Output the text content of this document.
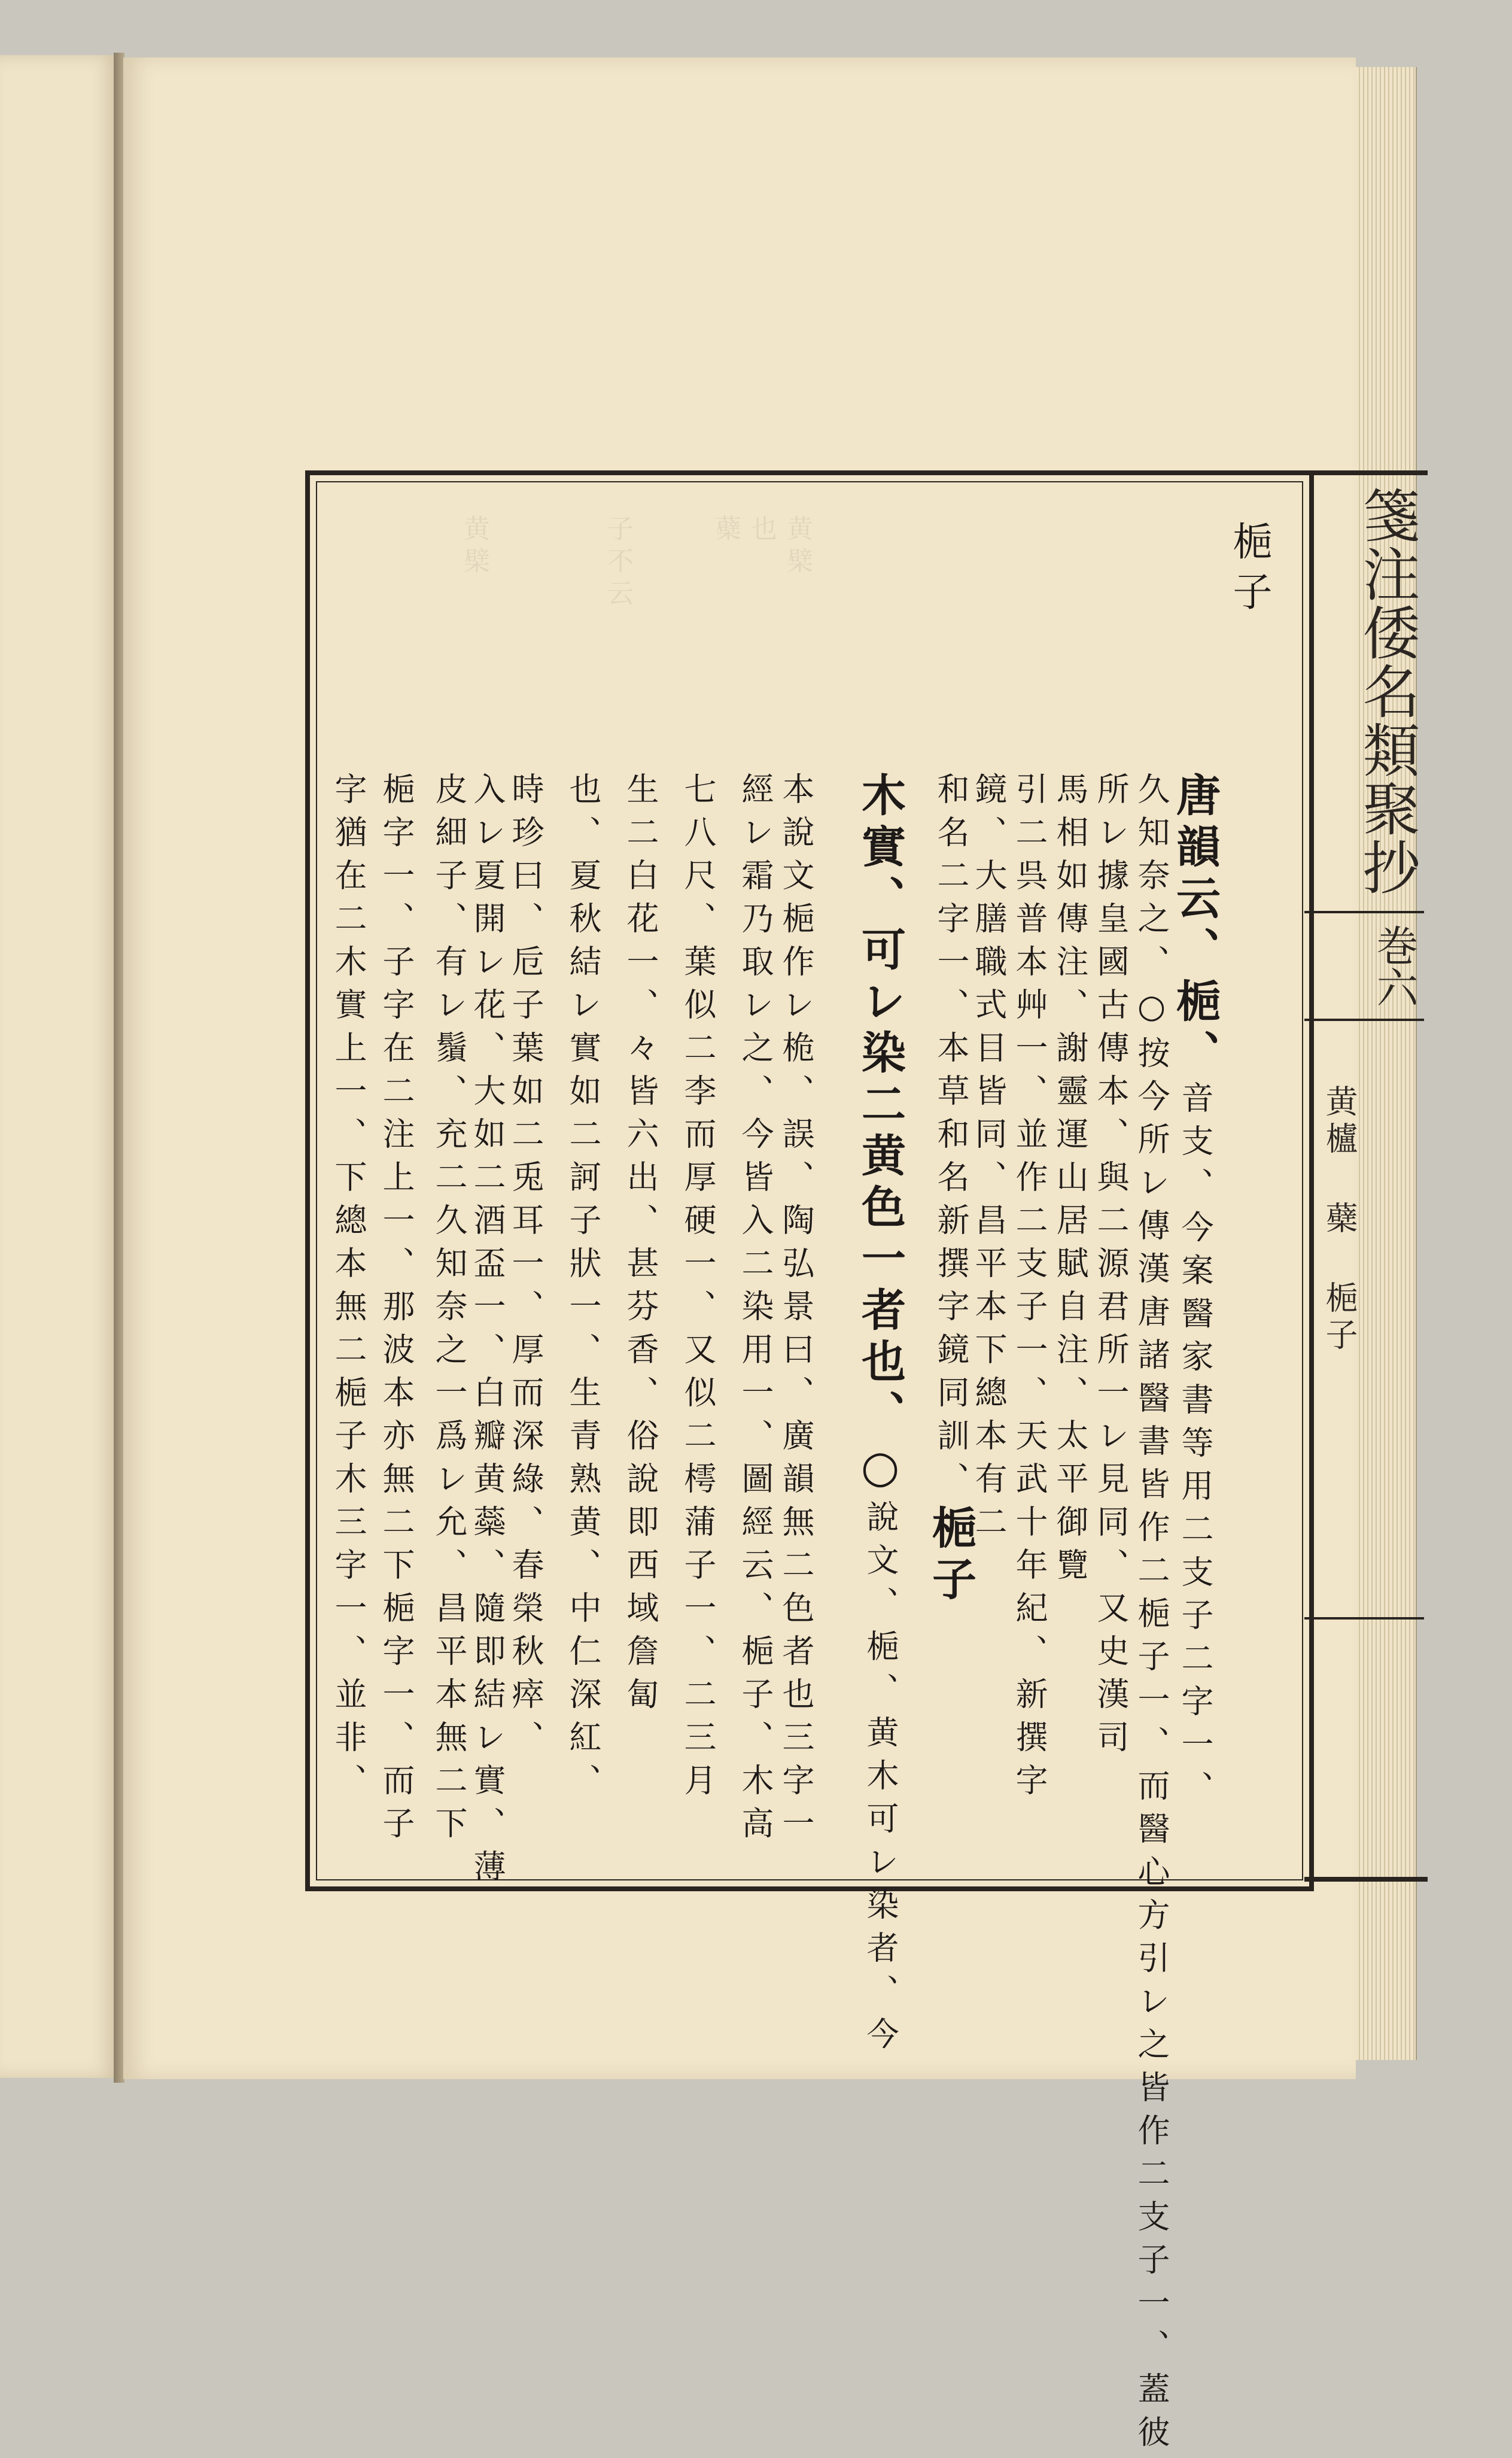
黄檗
蘗
子不云
黄檗	也	箋注倭名類聚抄
巻六
黄櫨 蘗 梔子
梔子
唐韻云、梔、音支、今案醫家書等用二支子二字一、
久知奈之、○按今所レ傳漢唐諸醫書皆作二梔子一、而醫心方引レ之皆作二支子一、蓋彼
所レ據皇國古傳本、與二源君所一レ見同、又史漢司
馬相如傳注、謝靈運山居賦自注、太平御覽
引二呉普本艸一、並作二支子一、天武十年紀、新撰字
鏡、大膳職式目皆同、昌平本下總本有二
和名二字一、本草和名新撰字鏡同訓、梔子
木實、可レ染二黄色一者也、○說文、梔、黄木可レ染者、今
本說文梔作レ桅、誤、陶弘景曰、廣韻無二色者也三字一
經レ霜乃取レ之、今皆入二染用一、圖經云、梔子、木高
七八尺、葉似二李而厚硬一、又似二樗蒲子一、二三月
生二白花一、々皆六出、甚芬香、俗說即西域詹匐
也、夏秋結レ實如二訶子狀一、生青熟黄、中仁深紅、
時珍曰、卮子葉如二兎耳一、厚而深綠、春榮秋瘁、
入レ夏開レ花、大如二酒盃一、白瓣黄蘂、隨即結レ實、薄
皮細子、有レ鬚、充二久知奈之一爲レ允、昌平本無二下
梔字一、子字在二注上一、那波本亦無二下梔字一、而子
字猶在二木實上一、下總本無二梔子木三字一、並非、
